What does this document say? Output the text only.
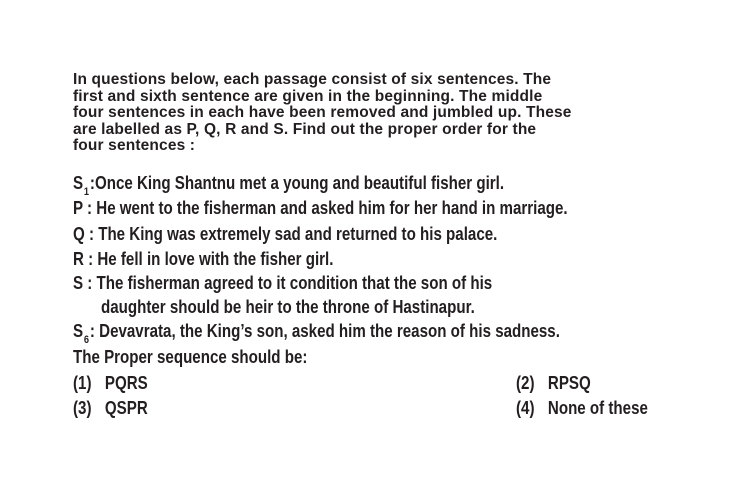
In questions below, each passage consist of six sentences. The
first and sixth sentence are given in the beginning. The middle
four sentences in each have been removed and jumbled up. These
are labelled as P, Q, R and S. Find out the proper order for the
four sentences :
$S_1:Once$ King Shantnu met a young and beautiful fisher girl.
P : He went to the fisherman and asked him for her hand in marriage.
Q : The King was extremely sad and returned to his palace.
R : He fell in love with the fisher girl.
S : The fisherman agreed to it condition that the son of his
daughter should be heir to the throne of Hastinapur.
$S_6$: Devavrata, the King’s son, asked him the reason of his sadness.
The Proper sequence should be:
(1) PQRS	(2) RPSQ
(3) QSPR	(4) None of these
